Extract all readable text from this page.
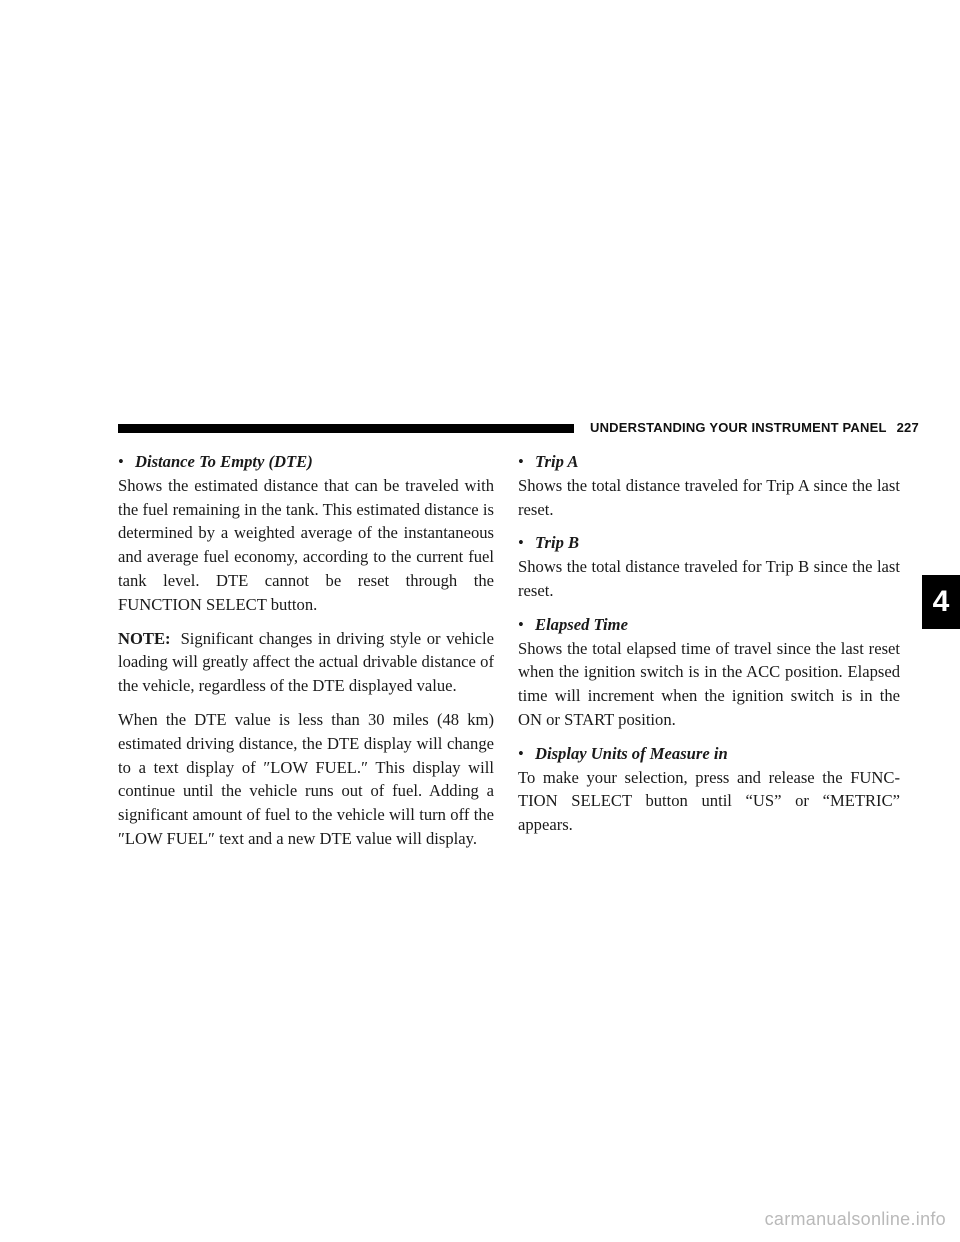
UNDERSTANDING YOUR INSTRUMENT PANEL 227

• Distance To Empty (DTE)

Shows the estimated distance that can be traveled with the fuel remaining in the tank. This estimated distance is determined by a weighted average of the instantaneous and average fuel economy, according to the current fuel tank level. DTE cannot be reset through the FUNCTION SELECT button.

NOTE: Significant changes in driving style or vehicle loading will greatly affect the actual drivable distance of the vehicle, regardless of the DTE displayed value.

When the DTE value is less than 30 miles (48 km) estimated driving distance, the DTE display will change to a text display of ″LOW FUEL.″ This display will continue until the vehicle runs out of fuel. Adding a significant amount of fuel to the vehicle will turn off the ″LOW FUEL″ text and a new DTE value will display.

• Trip A

Shows the total distance traveled for Trip A since the last reset.

• Trip B

Shows the total distance traveled for Trip B since the last reset.

• Elapsed Time

Shows the total elapsed time of travel since the last reset when the ignition switch is in the ACC position. Elapsed time will increment when the ignition switch is in the ON or START position.

• Display Units of Measure in

To make your selection, press and release the FUNC-TION SELECT button until “US” or “METRIC” appears.

4
carmanualsonline.info
